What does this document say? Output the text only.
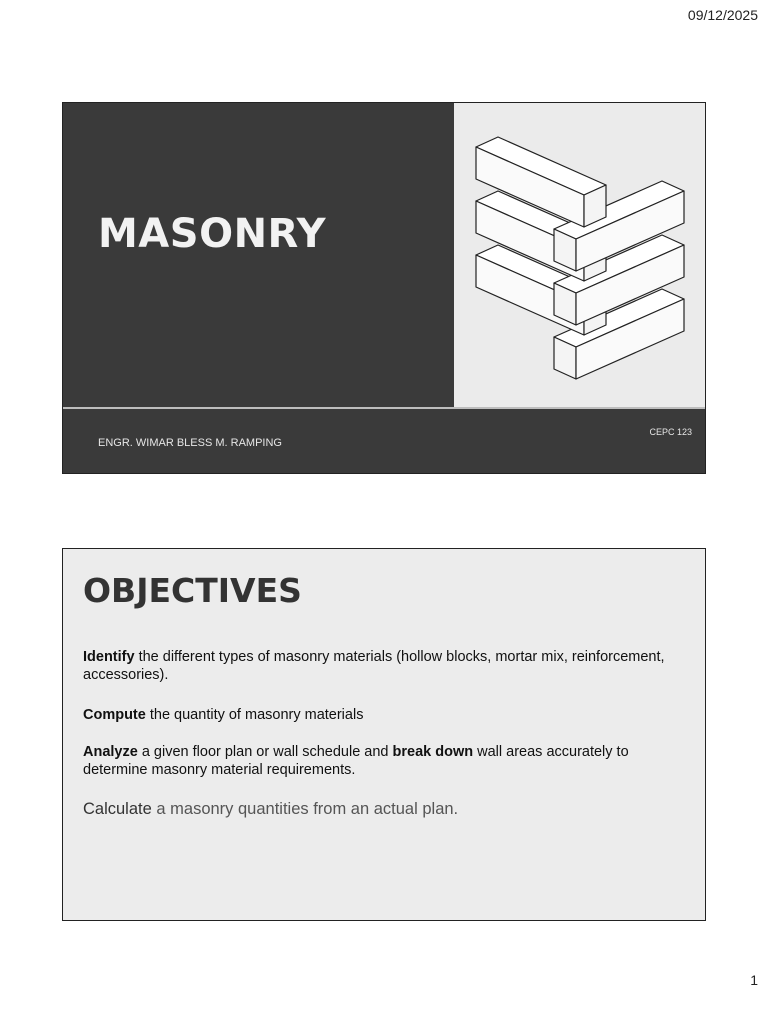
09/12/2025
MASONRY
ENGR. WIMAR BLESS M. RAMPING
CEPC 123
OBJECTIVES
Identify the different types of masonry materials (hollow blocks, mortar mix, reinforcement, accessories).
Compute the quantity of masonry materials
Analyze a given floor plan or wall schedule and break down wall areas accurately to determine masonry material requirements.
Calculate a masonry quantities from an actual plan.
1
